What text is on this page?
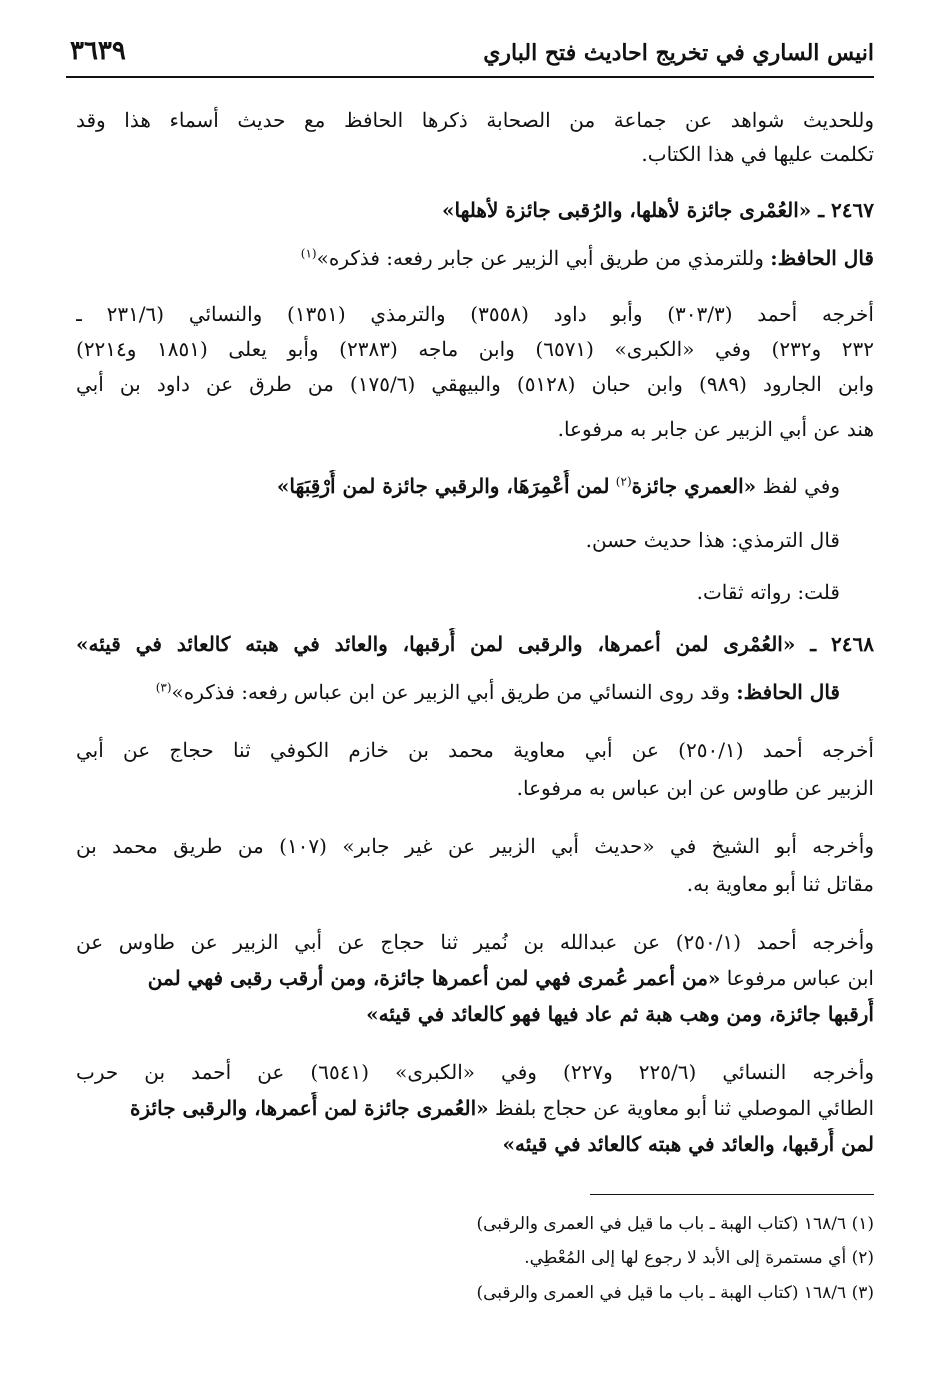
انيس الساري في تخريج احاديث فتح الباري
٣٦٣٩
وللحديث شواهد عن جماعة من الصحابة ذكرها الحافظ مع حديث أسماء هذا وقد
تكلمت عليها في هذا الكتاب.
٢٤٦٧ ـ «العُمْرى جائزة لأهلها، والرُقبى جائزة لأهلها»
قال الحافظ: وللترمذي من طريق أبي الزبير عن جابر رفعه: فذكره»$^{(١)}$
أخرجه أحمد (٣٠٣/٣) وأبو داود (٣٥٥٨) والترمذي (١٣٥١) والنسائي (٢٣١/٦ ـ
٢٣٢ و٢٣٢) وفي «الكبرى» (٦٥٧١) وابن ماجه (٢٣٨٣) وأبو يعلى (١٨٥١ و٢٢١٤)
وابن الجارود (٩٨٩) وابن حبان (٥١٢٨) والبيهقي (١٧٥/٦) من طرق عن داود بن أبي
هند عن أبي الزبير عن جابر به مرفوعا.
وفي لفظ «العمري جائزة$^{(٢)}$ لمن أُعْمِرَهَا، والرقبي جائزة لمن أُرْقِبَهَا»
قال الترمذي: هذا حديث حسن.
قلت: رواته ثقات.
٢٤٦٨ ـ «العُمْرى لمن أعمرها، والرقبى لمن أُرقبها، والعائد في هبته كالعائد في قيئه»
قال الحافظ: وقد روى النسائي من طريق أبي الزبير عن ابن عباس رفعه: فذكره»$^{(٣)}$
أخرجه أحمد (٢٥٠/١) عن أبي معاوية محمد بن خازم الكوفي ثنا حجاج عن أبي
الزبير عن طاوس عن ابن عباس به مرفوعا.
وأخرجه أبو الشيخ في «حديث أبي الزبير عن غير جابر» (١٠٧) من طريق محمد بن
مقاتل ثنا أبو معاوية به.
وأخرجه أحمد (٢٥٠/١) عن عبدالله بن نُمير ثنا حجاج عن أبي الزبير عن طاوس عن
ابن عباس مرفوعا «من أعمر عُمرى فهي لمن أعمرها جائزة، ومن أرقب رقبى فهي لمن
أُرقبها جائزة، ومن وهب هبة ثم عاد فيها فهو كالعائد في قيئه»
وأخرجه النسائي (٢٢٥/٦ و٢٢٧) وفي «الكبرى» (٦٥٤١) عن أحمد بن حرب
الطائي الموصلي ثنا أبو معاوية عن حجاج بلفظ «العُمرى جائزة لمن أُعمرها، والرقبى جائزة
لمن أُرقبها، والعائد في هبته كالعائد في قيئه»
(١) ١٦٨/٦ (كتاب الهبة ـ باب ما قيل في العمرى والرقبى)
(٢) أي مستمرة إلى الأبد لا رجوع لها إلى المُعْطِي.
(٣) ١٦٨/٦ (كتاب الهبة ـ باب ما قيل في العمرى والرقبى)
